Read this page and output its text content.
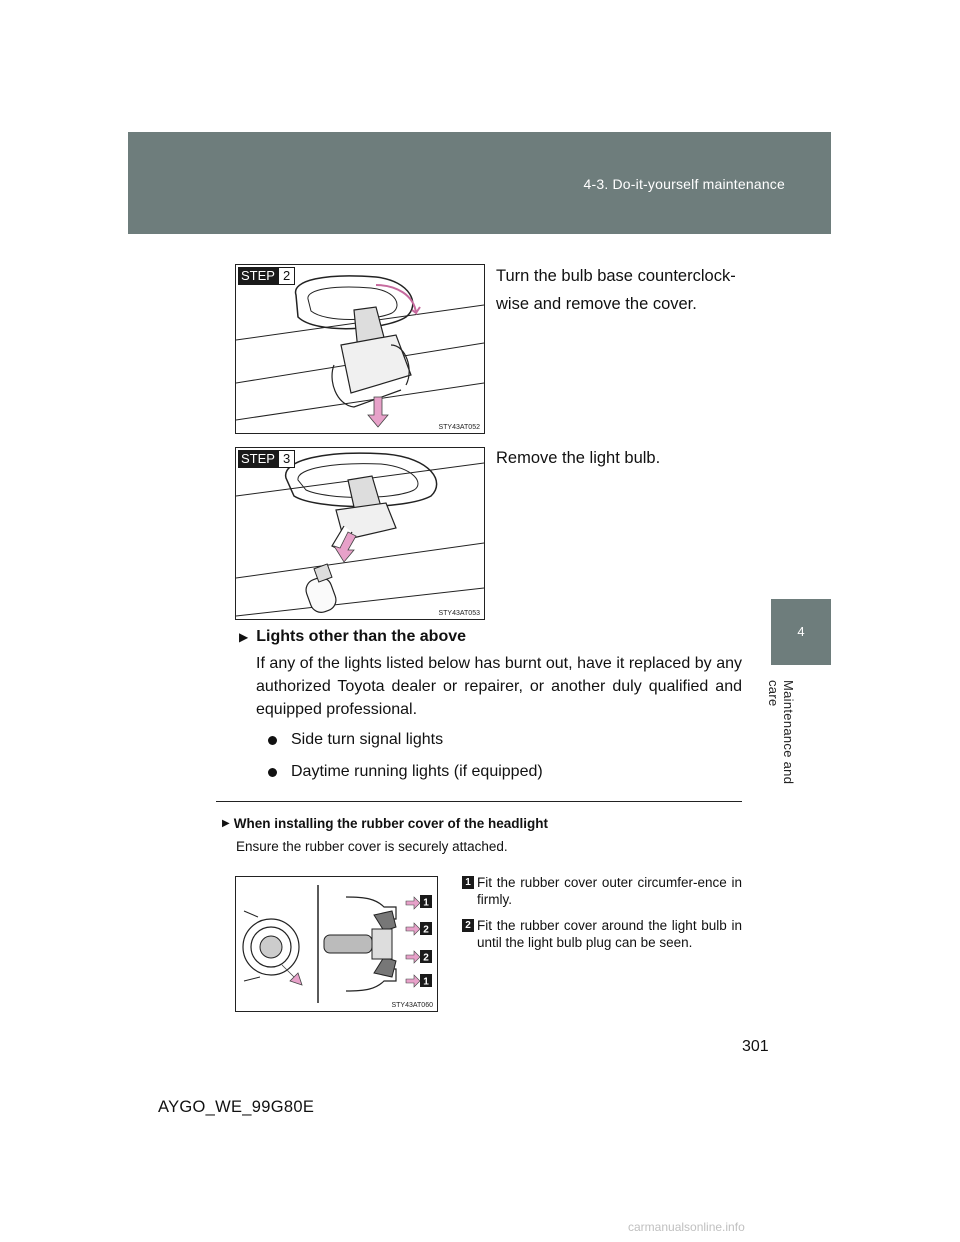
4-3. Do-it-yourself maintenance
4
Maintenance and care
STEP 2
STY43AT052
Turn the bulb base counterclock-wise and remove the cover.
STEP 3
STY43AT053
Remove the light bulb.
▶ Lights other than the above
If any of the lights listed below has burnt out, have it replaced by any authorized Toyota dealer or repairer, or another duly qualified and equipped professional.
Side turn signal lights
Daytime running lights (if equipped)
▶ When installing the rubber cover of the headlight
Ensure the rubber cover is securely attached.
1
2
2
1
STY43AT060
1 Fit the rubber cover outer circumfer-ence in firmly.
2 Fit the rubber cover around the light bulb in until the light bulb plug can be seen.
301
AYGO_WE_99G80E
carmanualsonline.info
